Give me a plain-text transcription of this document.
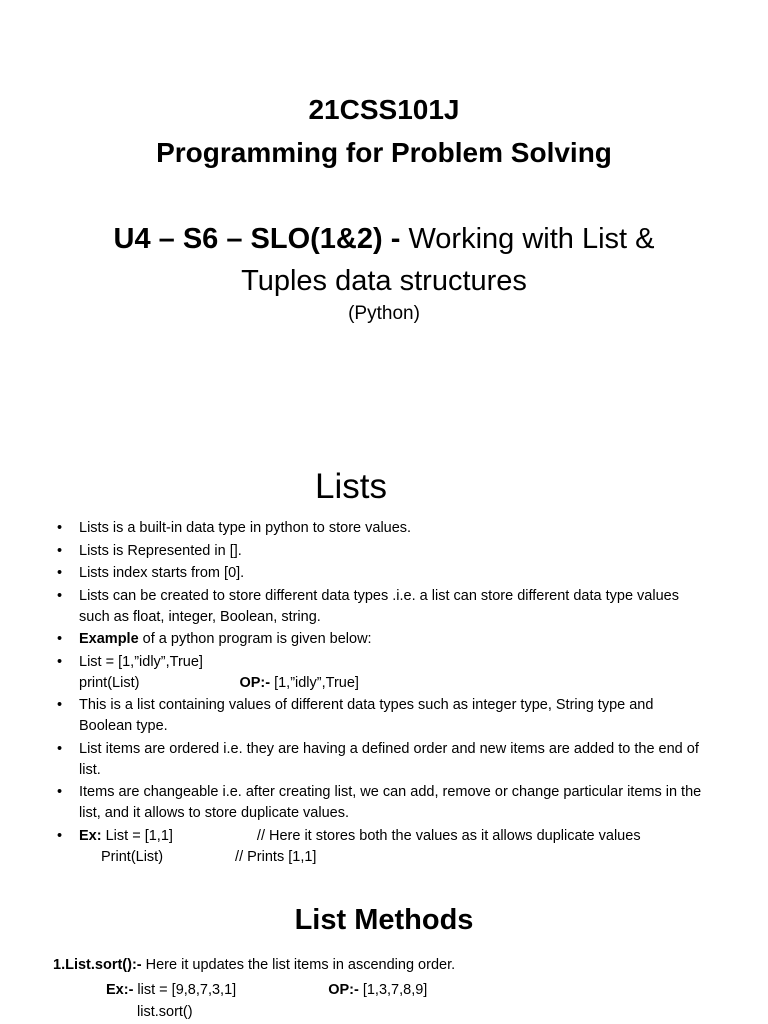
21CSS101J
Programming for Problem Solving
U4 – S6 – SLO(1&2) - Working with List & Tuples data structures
(Python)
Lists
• Lists is a built-in data type in python to store values.
• Lists is Represented in [].
• Lists index starts from [0].
• Lists can be created to store different data types .i.e. a list can store different data type values such as float, integer, Boolean, string.
• Example of a python program is given below:
• List = [1,”idly”,True]
print(List)	OP:- [1,”idly”,True]
• This is a list containing values of different data types such as integer type, String type and Boolean type.
• List items are ordered i.e. they are having a defined order and new items are added to the end of list.
• Items are changeable i.e. after creating list, we can add, remove or change particular items in the list, and it allows to store duplicate values.
• Ex: List = [1,1]	// Here it stores both the values as it allows duplicate values
Print(List)	// Prints [1,1]
List Methods
1.List.sort():- Here it updates the list items in ascending order.
Ex:- list = [9,8,7,3,1]	OP:- [1,3,7,8,9]
list.sort()
